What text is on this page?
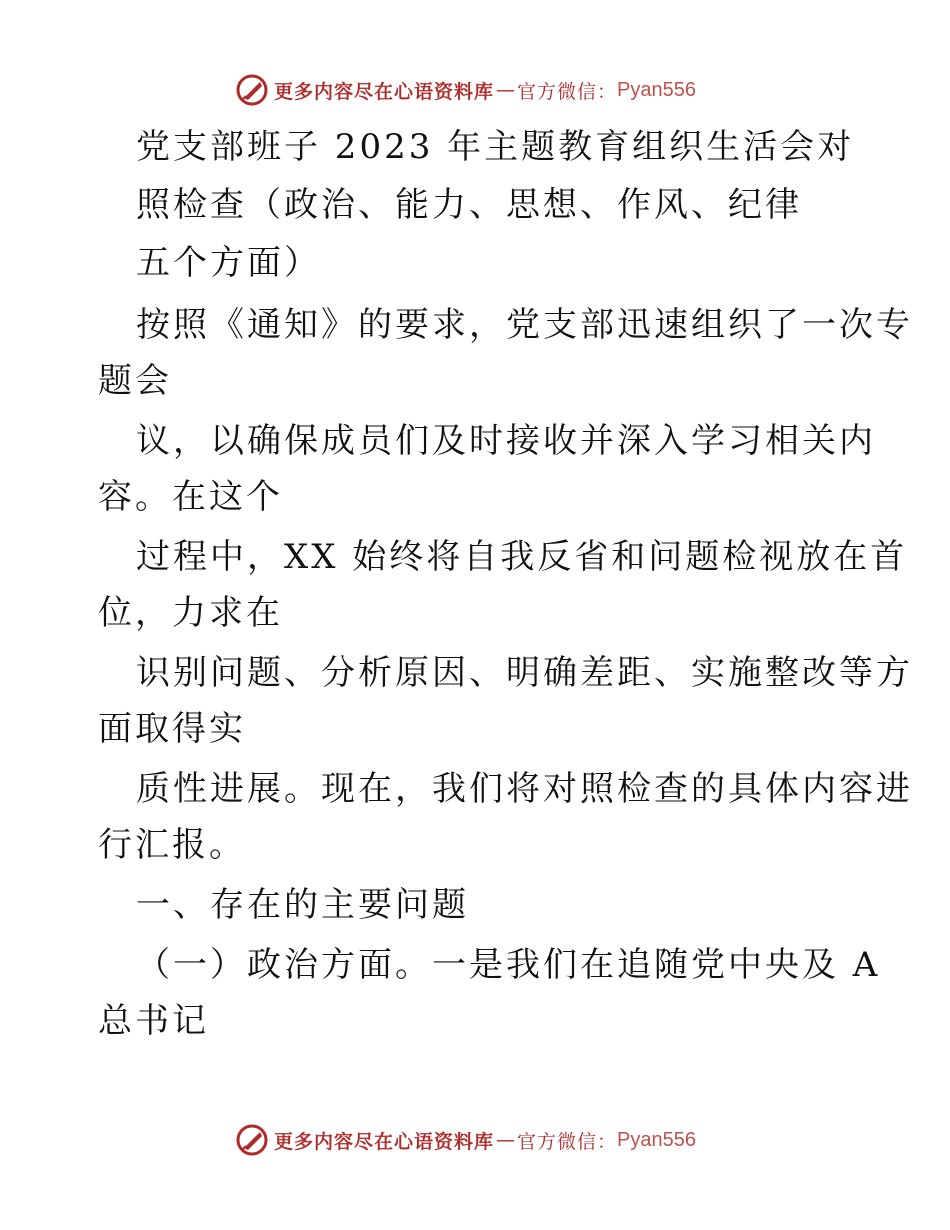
更多内容尽在心语资料库 — 官方微信： Pyan556
党支部班子 2023 年主题教育组织生活会对
照检查（政治、能力、思想、作风、纪律
五个方面）
按照《通知》的要求，党支部迅速组织了一次专
题会
议，以确保成员们及时接收并深入学习相关内
容。在这个
过程中，XX 始终将自我反省和问题检视放在首
位，力求在
识别问题、分析原因、明确差距、实施整改等方
面取得实
质性进展。现在，我们将对照检查的具体内容进
行汇报。
一、存在的主要问题
（一）政治方面。一是我们在追随党中央及 A
总书记
更多内容尽在心语资料库 — 官方微信： Pyan556
